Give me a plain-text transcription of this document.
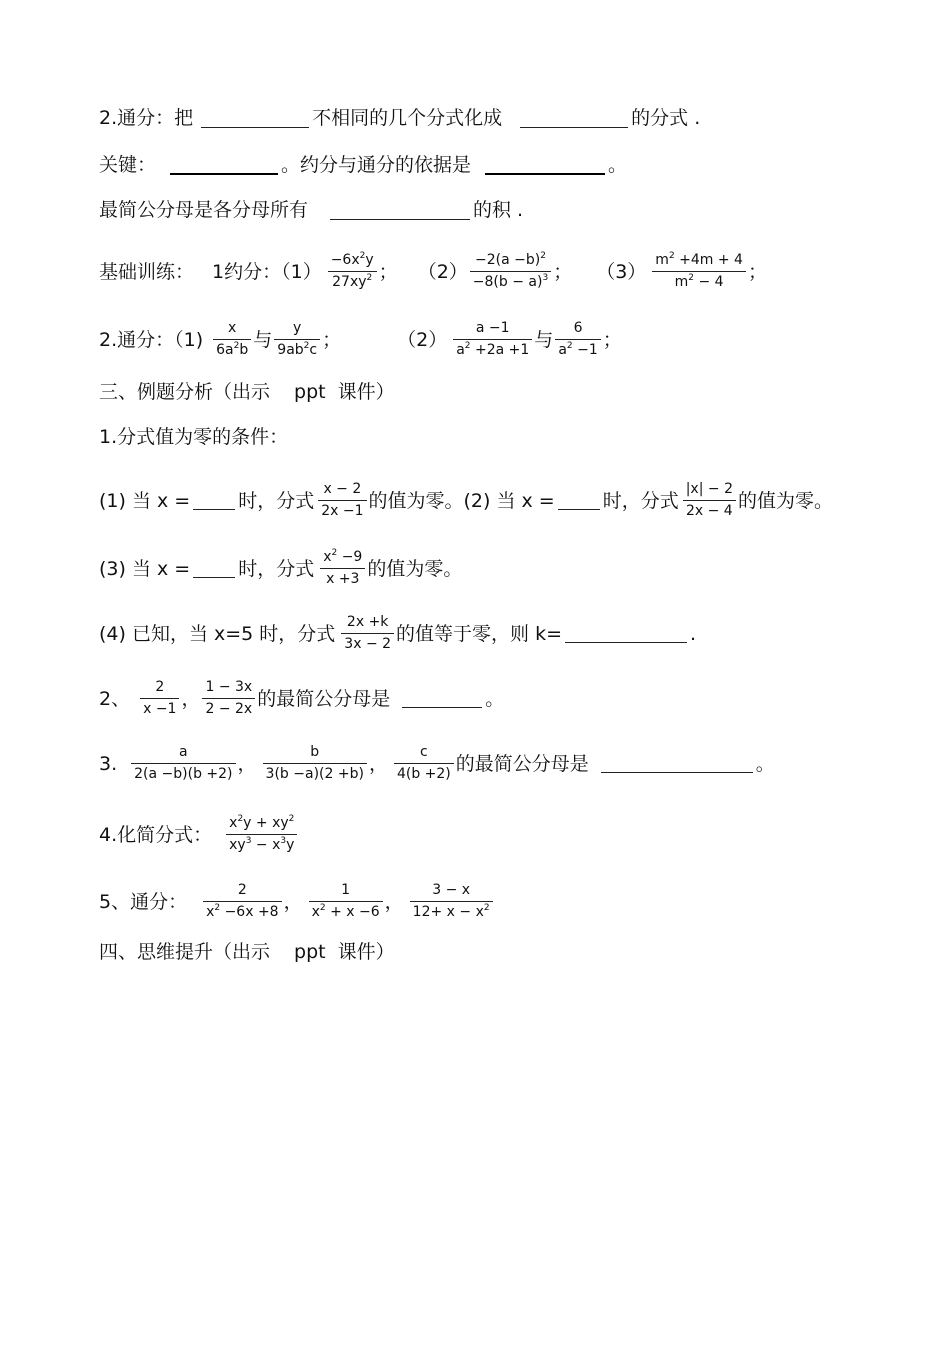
2.通分：把	不相同的几个分式化成	的分式 .
关键：	。约分与通分的依据是	。
最简公分母是各分母所有	的积 .
基础训练： 1约分：$(1) \frac{-6x^2y}{27xy^2}$ ； $(2) \frac{-2(a -b)^2}{-8(b - a)^3}$ ； $(3) \frac{m^2 +4m + 4}{m^2 - 4}$ ；
2.通分：$(1) \frac{x}{6a^2b}$ 与 $\frac{y}{9ab^2c}$ ；	$(2) \frac{a -1}{a^2 +2a +1}$ 与 $\frac{6}{a^2 -1}$ ；
三、例题分析（出示 ppt 课件）
1.分式值为零的条件：
(1) 当 x =	时，分式 $\frac{x - 2}{2x -1}$ 的值为零。(2) 当 x =	时，分式 $\frac{|x| - 2}{2x - 4}$ 的值为零。
(3) 当 x =	时，分式 $\frac{x^2 -9}{x +3}$ 的值为零。
(4) 已知，当 x=5 时，分式 $\frac{2x +k}{3x - 2}$ 的值等于零，则 k=	.
2、 $\frac{2}{x -1}$ ， $\frac{1 - 3x}{2 - 2x}$ 的最简公分母是	。
3. $\frac{a}{2(a -b)(b +2)}$ ， $\frac{b}{3(b -a)(2 +b)}$ ， $\frac{c}{4(b +2)}$ 的最简公分母是	。
4.化简分式： $\frac{x^2y + xy^2}{xy^3 - x^3y}$
5、通分： $\frac{2}{x^2 -6x +8}$ ， $\frac{1}{x^2 + x -6}$ ， $\frac{3 - x}{12+ x - x^2}$
四、思维提升（出示 ppt 课件）
